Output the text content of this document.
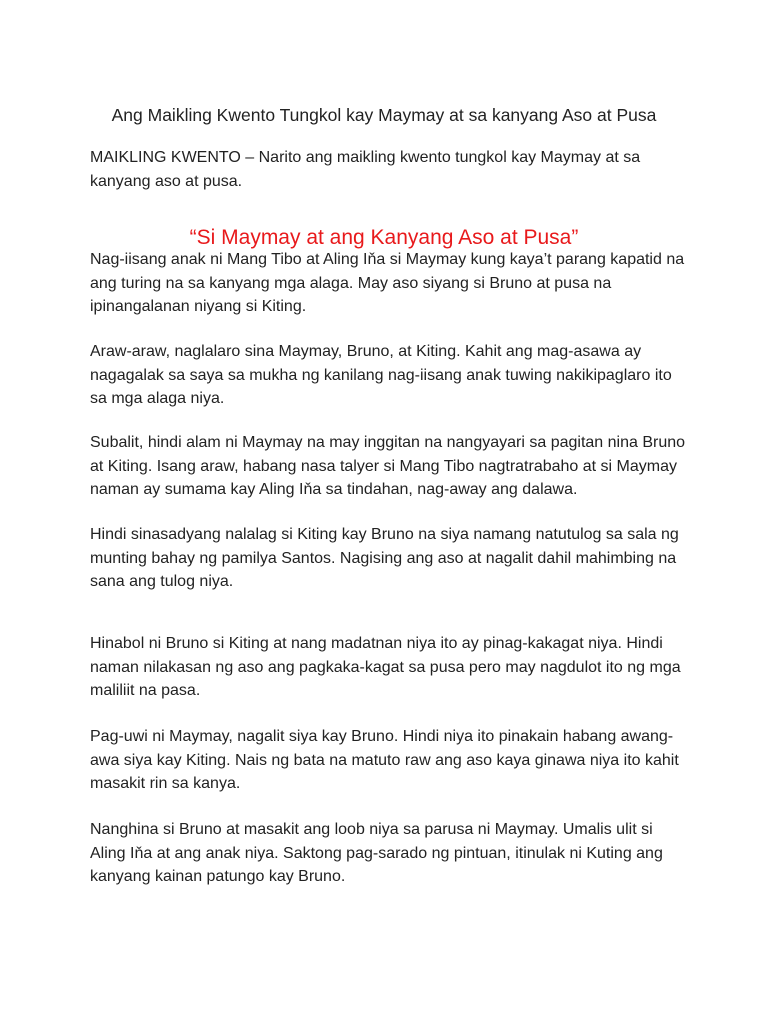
Ang Maikling Kwento Tungkol kay Maymay at sa kanyang Aso at Pusa
MAIKLING KWENTO – Narito ang maikling kwento tungkol kay Maymay at sa kanyang aso at pusa.
“Si Maymay at ang Kanyang Aso at Pusa”

Nag-iisang anak ni Mang Tibo at Aling Iňa si Maymay kung kaya’t parang kapatid na ang turing na sa kanyang mga alaga. May aso siyang si Bruno at pusa na ipinangalanan niyang si Kiting.

Araw-araw, naglalaro sina Maymay, Bruno, at Kiting. Kahit ang mag-asawa ay nagagalak sa saya sa mukha ng kanilang nag-iisang anak tuwing nakikipaglaro ito sa mga alaga niya.

Subalit, hindi alam ni Maymay na may inggitan na nangyayari sa pagitan nina Bruno at Kiting. Isang araw, habang nasa talyer si Mang Tibo nagtratrabaho at si Maymay naman ay sumama kay Aling Iňa sa tindahan, nag-away ang dalawa.

Hindi sinasadyang nalalag si Kiting kay Bruno na siya namang natutulog sa sala ng munting bahay ng pamilya Santos. Nagising ang aso at nagalit dahil mahimbing na sana ang tulog niya.

Hinabol ni Bruno si Kiting at nang madatnan niya ito ay pinag-kakagat niya. Hindi naman nilakasan ng aso ang pagkaka-kagat sa pusa pero may nagdulot ito ng mga maliliit na pasa.

Pag-uwi ni Maymay, nagalit siya kay Bruno. Hindi niya ito pinakain habang awang-awa siya kay Kiting. Nais ng bata na matuto raw ang aso kaya ginawa niya ito kahit masakit rin sa kanya.

Nanghina si Bruno at masakit ang loob niya sa parusa ni Maymay. Umalis ulit si Aling Iňa at ang anak niya. Saktong pag-sarado ng pintuan, itinulak ni Kuting ang kanyang kainan patungo kay Bruno.
